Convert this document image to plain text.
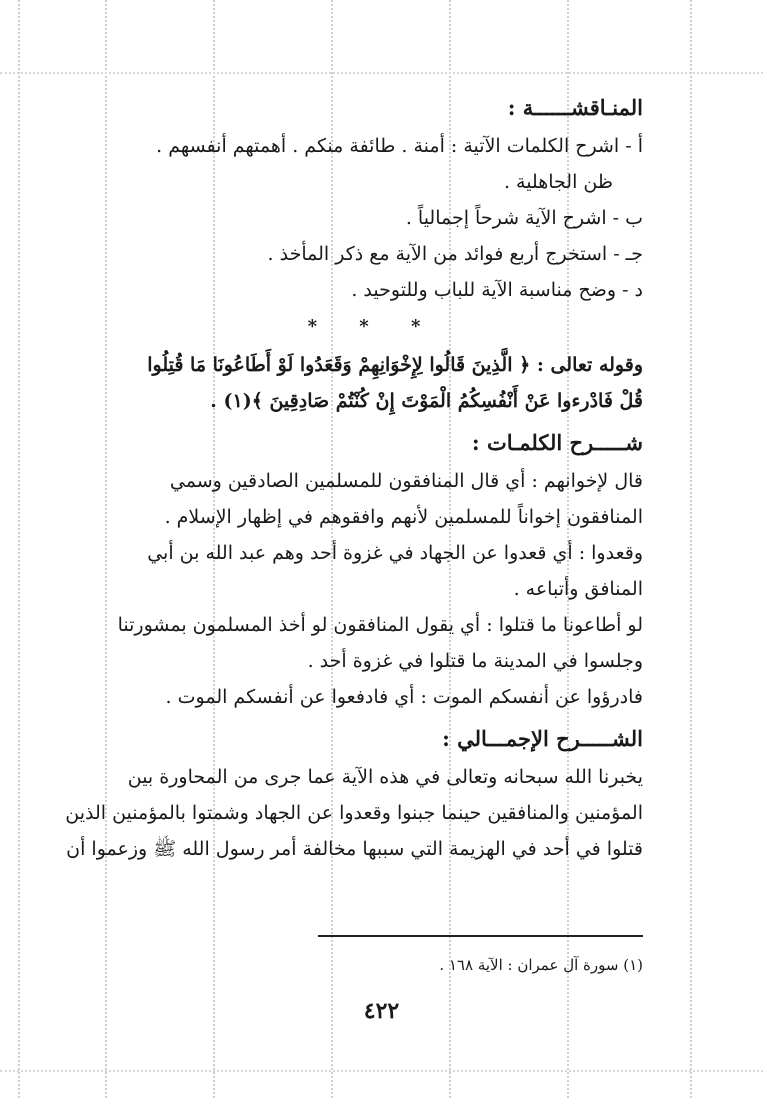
المنـاقشــــــة :
أ - اشرح الكلمات الآتية : أمنة . طائفة منكم . أهمتهم أنفسهم .
ظن الجاهلية .
ب - اشرح الآية شرحاً إجمالياً .
جـ - استخرج أربع فوائد من الآية مع ذكر المأخذ .
د - وضح مناسبة الآية للباب وللتوحيد .
* * *
وقوله تعالى : ﴿ الَّذِينَ قَالُوا لِإِخْوَانِهِمْ وَقَعَدُوا لَوْ أَطَاعُونَا مَا قُتِلُوا
قُلْ فَادْرءوا عَنْ أَنْفُسِكُمُ الْمَوْتَ إِنْ كُنْتُمْ صَادِقِينَ ﴾(١) .
شـــــرح الكلمـات :
قال لإخوانهم : أي قال المنافقون للمسلمين الصادقين وسمي
المنافقون إخواناً للمسلمين لأنهم وافقوهم في إظهار الإسلام .
وقعدوا : أي قعدوا عن الجهاد في غزوة أحد وهم عبد الله بن أبي
المنافق وأتباعه .
لو أطاعونا ما قتلوا : أي يقول المنافقون لو أخذ المسلمون بمشورتنا
وجلسوا في المدينة ما قتلوا في غزوة أحد .
فادرؤوا عن أنفسكم الموت : أي فادفعوا عن أنفسكم الموت .
الشـــــرح الإجمـــالي :
يخبرنا الله سبحانه وتعالى في هذه الآية عما جرى من المحاورة بين
المؤمنين والمنافقين حينما جبنوا وقعدوا عن الجهاد وشمتوا بالمؤمنين الذين
قتلوا في أحد في الهزيمة التي سببها مخالفة أمر رسول الله ﷺ وزعموا أن
(١) سورة آل عمران : الآية ١٦٨ .
٤٢٢
